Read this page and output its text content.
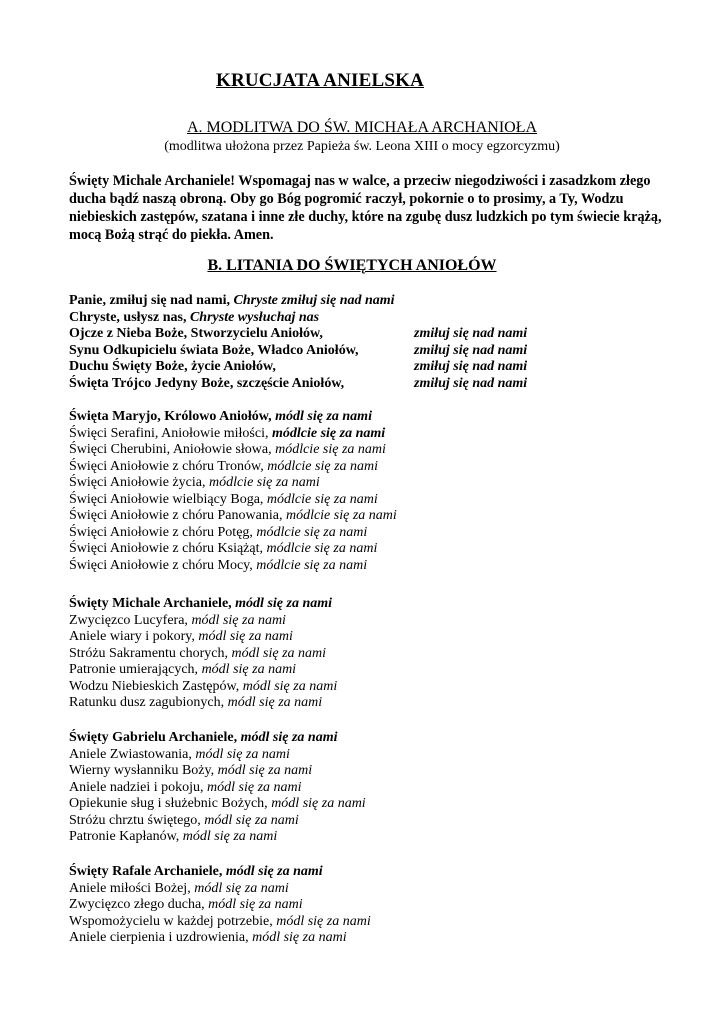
KRUCJATA ANIELSKA
A. MODLITWA DO ŚW. MICHAŁA ARCHANIOŁA
(modlitwa ułożona przez Papieża św. Leona XIII o mocy egzorcyzmu)
Święty Michale Archaniele! Wspomagaj nas w walce, a przeciw niegodziwości i zasadzkom złego ducha bądź naszą obroną. Oby go Bóg pogromić raczył, pokornie o to prosimy, a Ty, Wodzu niebieskich zastępów, szatana i inne złe duchy, które na zgubę dusz ludzkich po tym świecie krążą, mocą Bożą strąć do piekła. Amen.
B. LITANIA DO ŚWIĘTYCH ANIOŁÓW
Panie, zmiłuj się nad nami, Chryste zmiłuj się nad nami
Chryste, usłysz nas, Chryste wysłuchaj nas
Ojcze z Nieba Boże, Stworzycielu Aniołów,	zmiłuj się nad nami
Synu Odkupicielu świata Boże, Władco Aniołów,	zmiłuj się nad nami
Duchu Święty Boże, życie Aniołów,	zmiłuj się nad nami
Święta Trójco Jedyny Boże, szczęście Aniołów,	zmiłuj się nad nami
Święta Maryjo, Królowo Aniołów, módl się za nami
Święci Serafini, Aniołowie miłości, módlcie się za nami
Święci Cherubini, Aniołowie słowa, módlcie się za nami
Święci Aniołowie z chóru Tronów, módlcie się za nami
Święci Aniołowie życia, módlcie się za nami
Święci Aniołowie wielbiący Boga, módlcie się za nami
Święci Aniołowie z chóru Panowania, módlcie się za nami
Święci Aniołowie z chóru Potęg, módlcie się za nami
Święci Aniołowie z chóru Książąt, módlcie się za nami
Święci Aniołowie z chóru Mocy, módlcie się za nami
Święty Michale Archaniele, módl się za nami
Zwycięzco Lucyfera, módl się za nami
Aniele wiary i pokory, módl się za nami
Stróżu Sakramentu chorych, módl się za nami
Patronie umierających, módl się za nami
Wodzu Niebieskich Zastępów, módl się za nami
Ratunku dusz zagubionych, módl się za nami
Święty Gabrielu Archaniele, módl się za nami
Aniele Zwiastowania, módl się za nami
Wierny wysłanniku Boży, módl się za nami
Aniele nadziei i pokoju, módl się za nami
Opiekunie sług i służebnic Bożych, módl się za nami
Stróżu chrztu świętego, módl się za nami
Patronie Kapłanów, módl się za nami
Święty Rafale Archaniele, módl się za nami
Aniele miłości Bożej, módl się za nami
Zwycięzco złego ducha, módl się za nami
Wspomożycielu w każdej potrzebie, módl się za nami
Aniele cierpienia i uzdrowienia, módl się za nami
